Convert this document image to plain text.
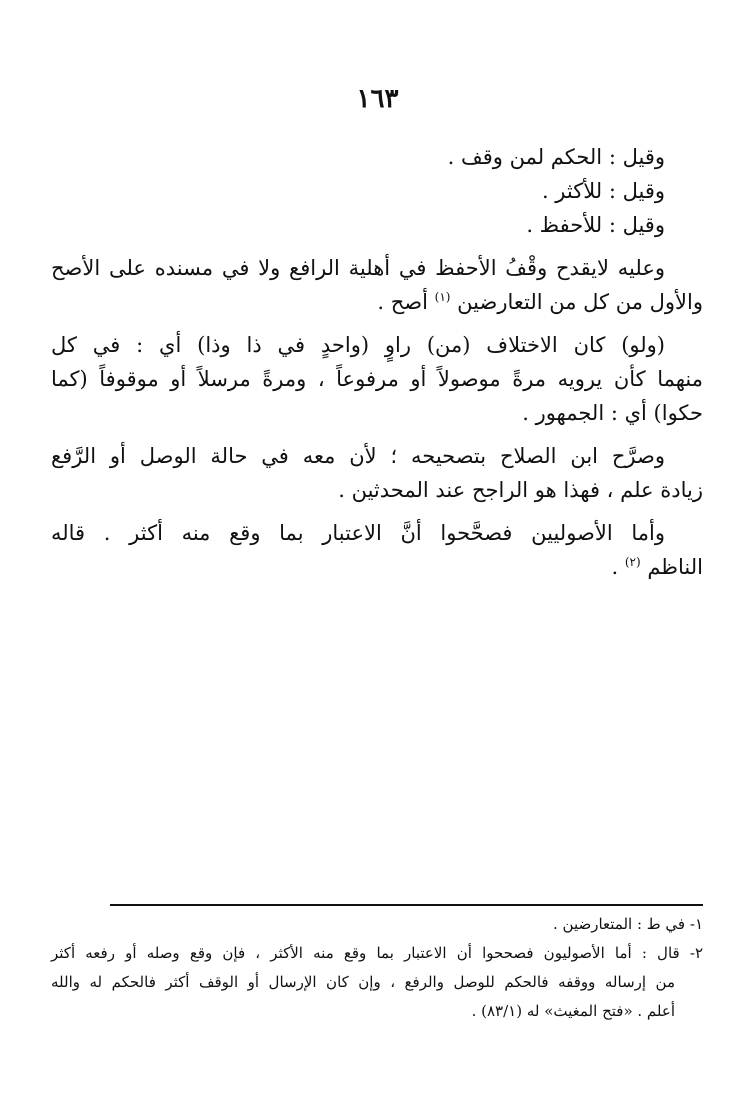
١٦٣
وقيل : الحكم لمن وقف .
وقيل : للأكثر .
وقيل : للأحفظ .
وعليه لايقدح وقْفُ الأحفظ في أهلية الرافع ولا في مسنده على الأصح
والأول من كل من التعارضين $^{(١)}$ أصح .
(ولو) كان الاختلاف (من) راوٍ (واحدٍ في ذا وذا) أي : في كل
منهما كأن يرويه مرةً موصولاً أو مرفوعاً ، ومرةً مرسلاً أو موقوفاً (كما
حكوا) أي : الجمهور .
وصرَّح ابن الصلاح بتصحيحه ؛ لأن معه في حالة الوصل أو الرَّفع
زيادة علم ، فهذا هو الراجح عند المحدثين .
وأما الأصوليين فصحَّحوا أنَّ الاعتبار بما وقع منه أكثر . قاله
الناظم $^{(٢)}$ .
١- في ط : المتعارضين .
٢- قال : أما الأصوليون فصححوا أن الاعتبار بما وقع منه الأكثر ، فإن وقع وصله أو رفعه أكثر
من إرساله ووقفه فالحكم للوصل والرفع ، وإن كان الإرسال أو الوقف أكثر فالحكم له والله
أعلم . «فتح المغيث» له (٨٣/١) .
